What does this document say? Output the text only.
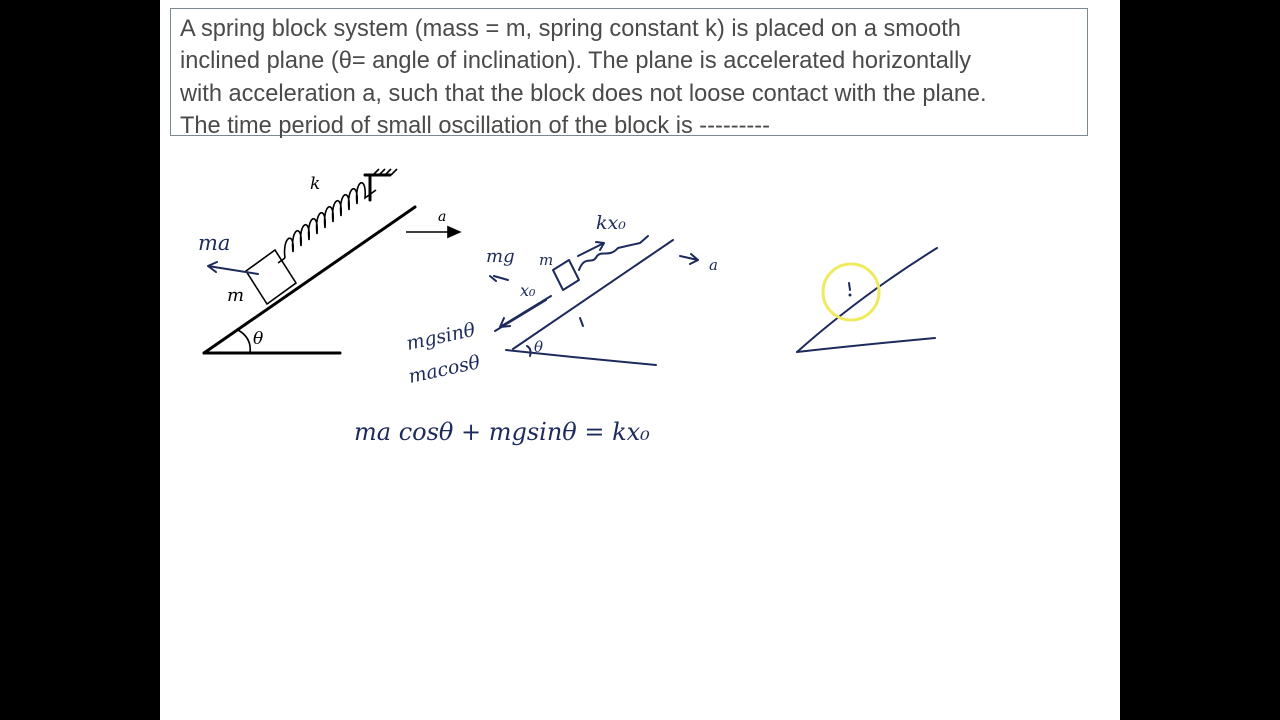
A spring block system (mass = m, spring constant k) is placed on a smooth
inclined plane (θ= angle of inclination). The plane is accelerated horizontally
with acceleration a, such that the block does not loose contact with the plane.
The time period of small oscillation of the block is ---------
θ
m
k
a
ma
θ
kx₀
mg m
x₀
mgsinθ
macosθ
a
ma cosθ + mgsinθ = kx₀
